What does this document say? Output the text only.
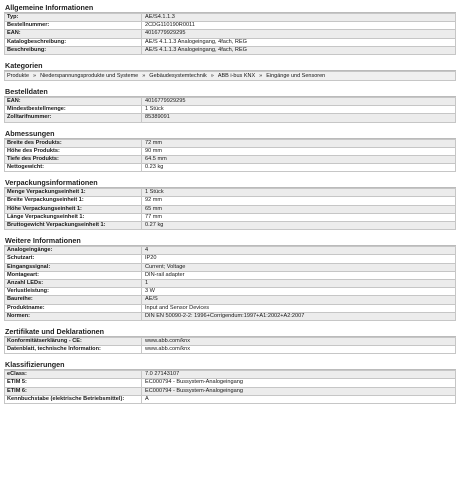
Allgemeine Informationen
Typ:	AE/S4.1.1.3
Bestellnummer:	2CDG110190R0011
EAN:	4016779929295
Katalogbeschreibung:	AE/S 4.1.1.3 Analogeingang, 4fach, REG
Beschreibung:	AE/S 4.1.1.3 Analogeingang, 4fach, REG
Kategorien
Produkte » Niederspannungsprodukte und Systeme » Gebäudesystemtechnik » ABB i-bus KNX » Eingänge und Sensoren
Bestelldaten
EAN:	4016779929295
Mindestbestellmenge:	1 Stück
Zolltarifnummer:	85389091
Abmessungen
Breite des Produkts:	72 mm
Höhe des Produkts:	90 mm
Tiefe des Produkts:	64.5 mm
Nettogewicht:	0.23 kg
Verpackungsinformationen
Menge Verpackungseinheit 1:	1 Stück
Breite Verpackungseinheit 1:	92 mm
Höhe Verpackungseinheit 1:	65 mm
Länge Verpackungseinheit 1:	77 mm
Bruttogewicht Verpackungseinheit 1:	0.27 kg
Weitere Informationen
Analogeingänge:	4
Schutzart:	IP20
Eingangssignal:	Current; Voltage
Montageart:	DIN-rail adapter
Anzahl LEDs:	1
Verlustleistung:	3 W
Baureihe:	AE/S
Produktname:	Input and Sensor Devices
Normen:	DIN EN 50090-2-2: 1996+Corrigendum:1997+A1:2002+A2:2007
Zertifikate und Deklarationen
Konformitätserklärung - CE:	www.abb.com/knx
Datenblatt, technische Information:	www.abb.com/knx
Klassifizierungen
eClass:	7.0 27143107
ETIM 5:	EC000794 - Bussystem-Analogeingang
ETIM 6:	EC000794 - Bussystem-Analogeingang
Kennbuchstabe (elektrische Betriebsmittel):	A
